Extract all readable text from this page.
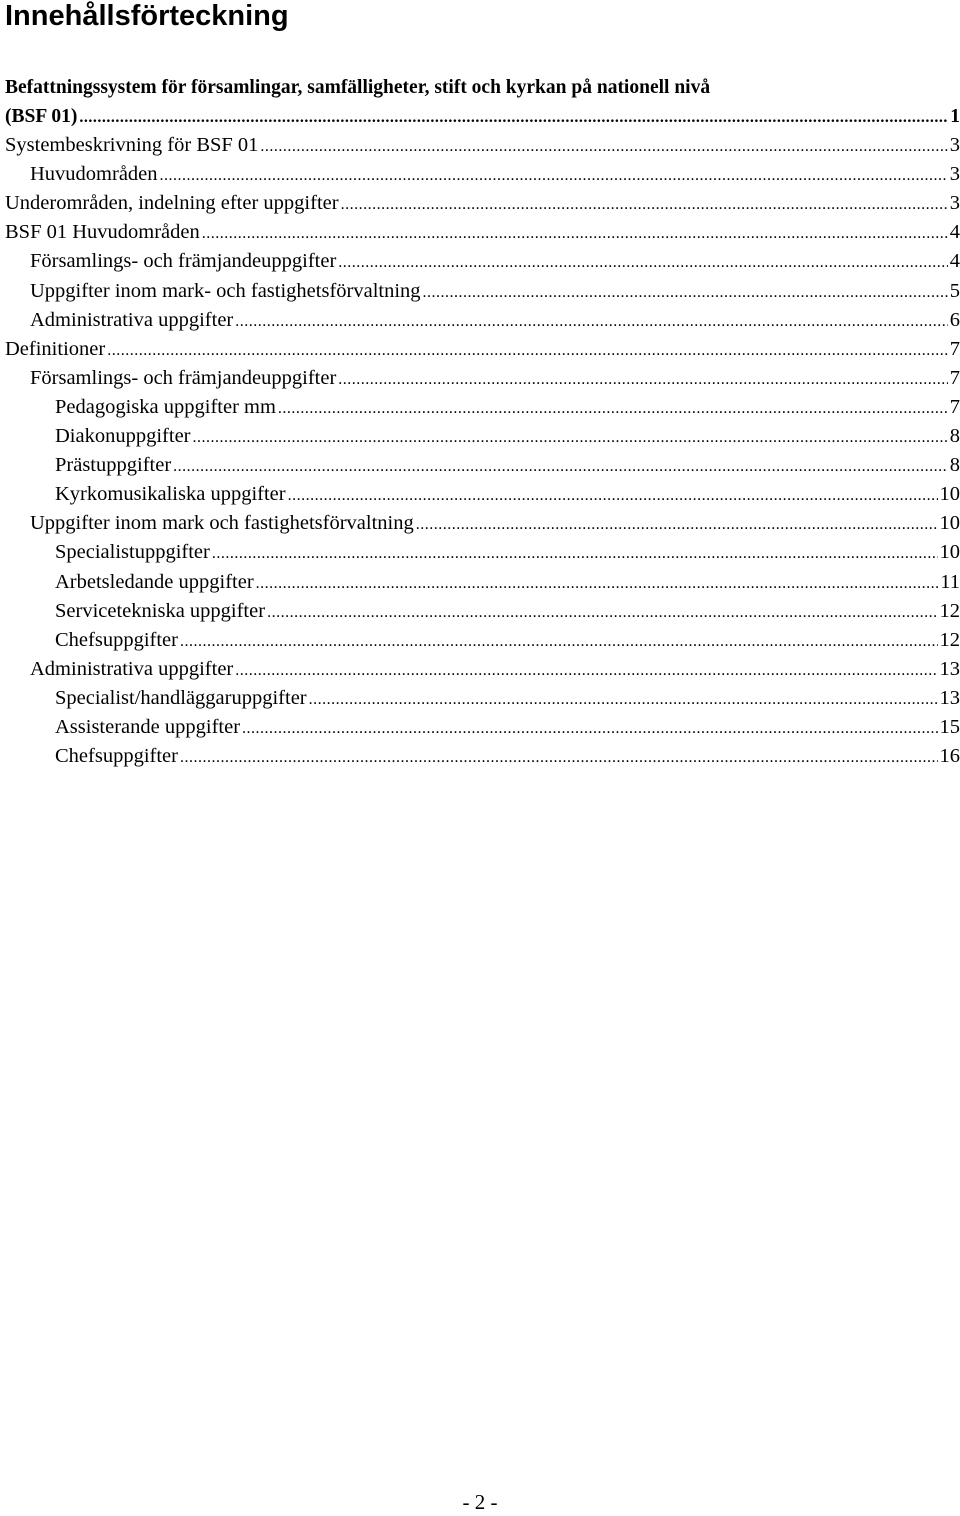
Innehållsförteckning
Befattningssystem för församlingar, samfälligheter, stift och kyrkan på nationell nivå
(BSF 01) .....	1
Systembeskrivning för BSF 01 .....	3
Huvudområden .....	3
Underområden, indelning efter uppgifter .....	3
BSF 01 Huvudområden .....	4
Församlings- och främjandeuppgifter .....	4
Uppgifter inom mark- och fastighetsförvaltning .....	5
Administrativa uppgifter .....	6
Definitioner .....	7
Församlings- och främjandeuppgifter .....	7
Pedagogiska uppgifter mm .....	7
Diakonuppgifter .....	8
Prästuppgifter .....	8
Kyrkomusikaliska uppgifter .....	10
Uppgifter inom mark och fastighetsförvaltning .....	10
Specialistuppgifter .....	10
Arbetsledande uppgifter .....	11
Servicetekniska uppgifter .....	12
Chefsuppgifter .....	12
Administrativa uppgifter .....	13
Specialist/handläggaruppgifter .....	13
Assisterande uppgifter .....	15
Chefsuppgifter .....	16
- 2 -
